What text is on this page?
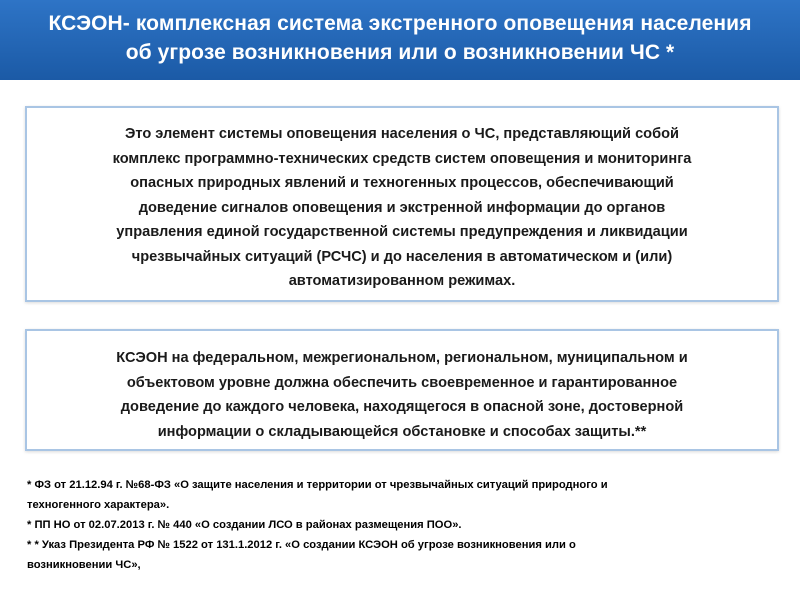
КСЭОН- комплексная система экстренного оповещения населения
об угрозе возникновения или о возникновении ЧС *
Это элемент системы оповещения населения о ЧС, представляющий собой
комплекс программно-технических средств систем оповещения и мониторинга
опасных природных явлений и техногенных процессов, обеспечивающий
доведение сигналов оповещения и экстренной информации до органов
управления единой государственной системы предупреждения и ликвидации
чрезвычайных ситуаций (РСЧС) и до населения в автоматическом и (или)
автоматизированном режимах.
КСЭОН на федеральном, межрегиональном, региональном, муниципальном и
объектовом уровне должна обеспечить своевременное и гарантированное
доведение до каждого человека, находящегося в опасной зоне, достоверной
информации о складывающейся обстановке и способах защиты.**
* ФЗ от 21.12.94 г. №68-ФЗ «О защите населения и территории от чрезвычайных ситуаций природного и
техногенного характера».
* ПП НО от 02.07.2013 г. № 440 «О создании ЛСО в районах размещения ПОО».
* * Указ Президента РФ № 1522 от 131.1.2012 г. «О создании КСЭОН об угрозе возникновения или о
возникновении ЧС»,
